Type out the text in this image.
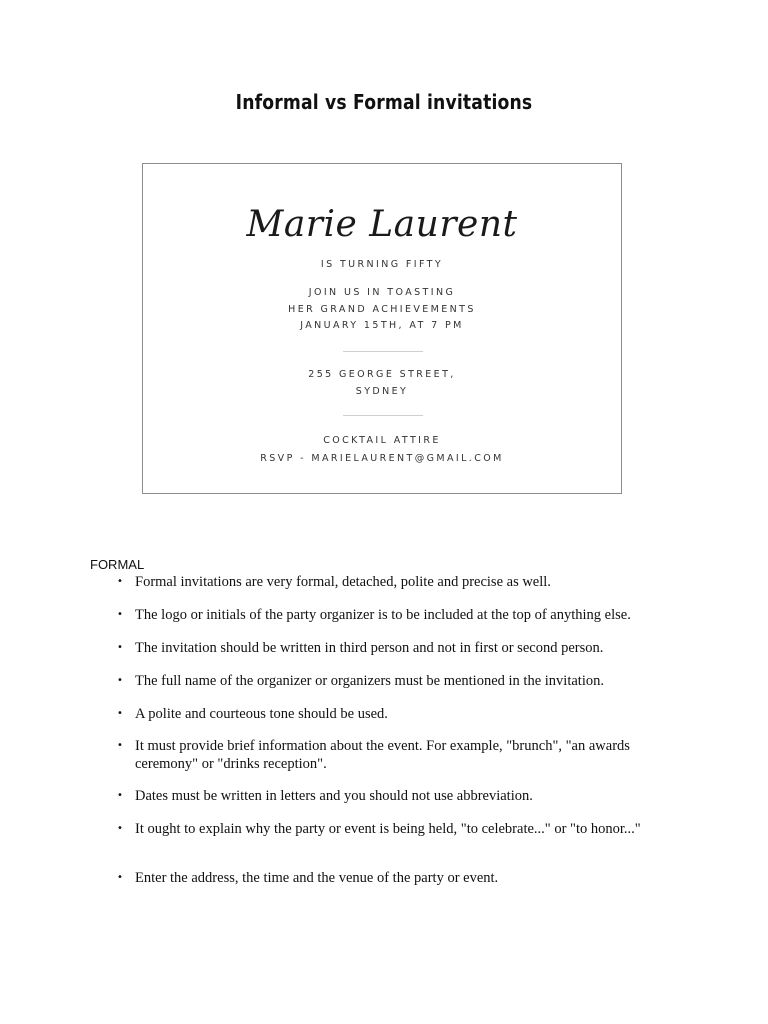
Informal vs Formal invitations
Marie Laurent
IS TURNING FIFTY
JOIN US IN TOASTING
HER GRAND ACHIEVEMENTS
JANUARY 15TH, AT 7 PM
255 GEORGE STREET,
SYDNEY
COCKTAIL ATTIRE
RSVP - MARIELAURENT@GMAIL.COM
FORMAL
• Formal invitations are very formal, detached, polite and precise as well.
• The logo or initials of the party organizer is to be included at the top of anything else.
• The invitation should be written in third person and not in first or second person.
• The full name of the organizer or organizers must be mentioned in the invitation.
• A polite and courteous tone should be used.
• It must provide brief information about the event. For example, "brunch", "an awards ceremony" or "drinks reception".
• Dates must be written in letters and you should not use abbreviation.
• It ought to explain why the party or event is being held, "to celebrate..." or "to honor..."
• Enter the address, the time and the venue of the party or event.
